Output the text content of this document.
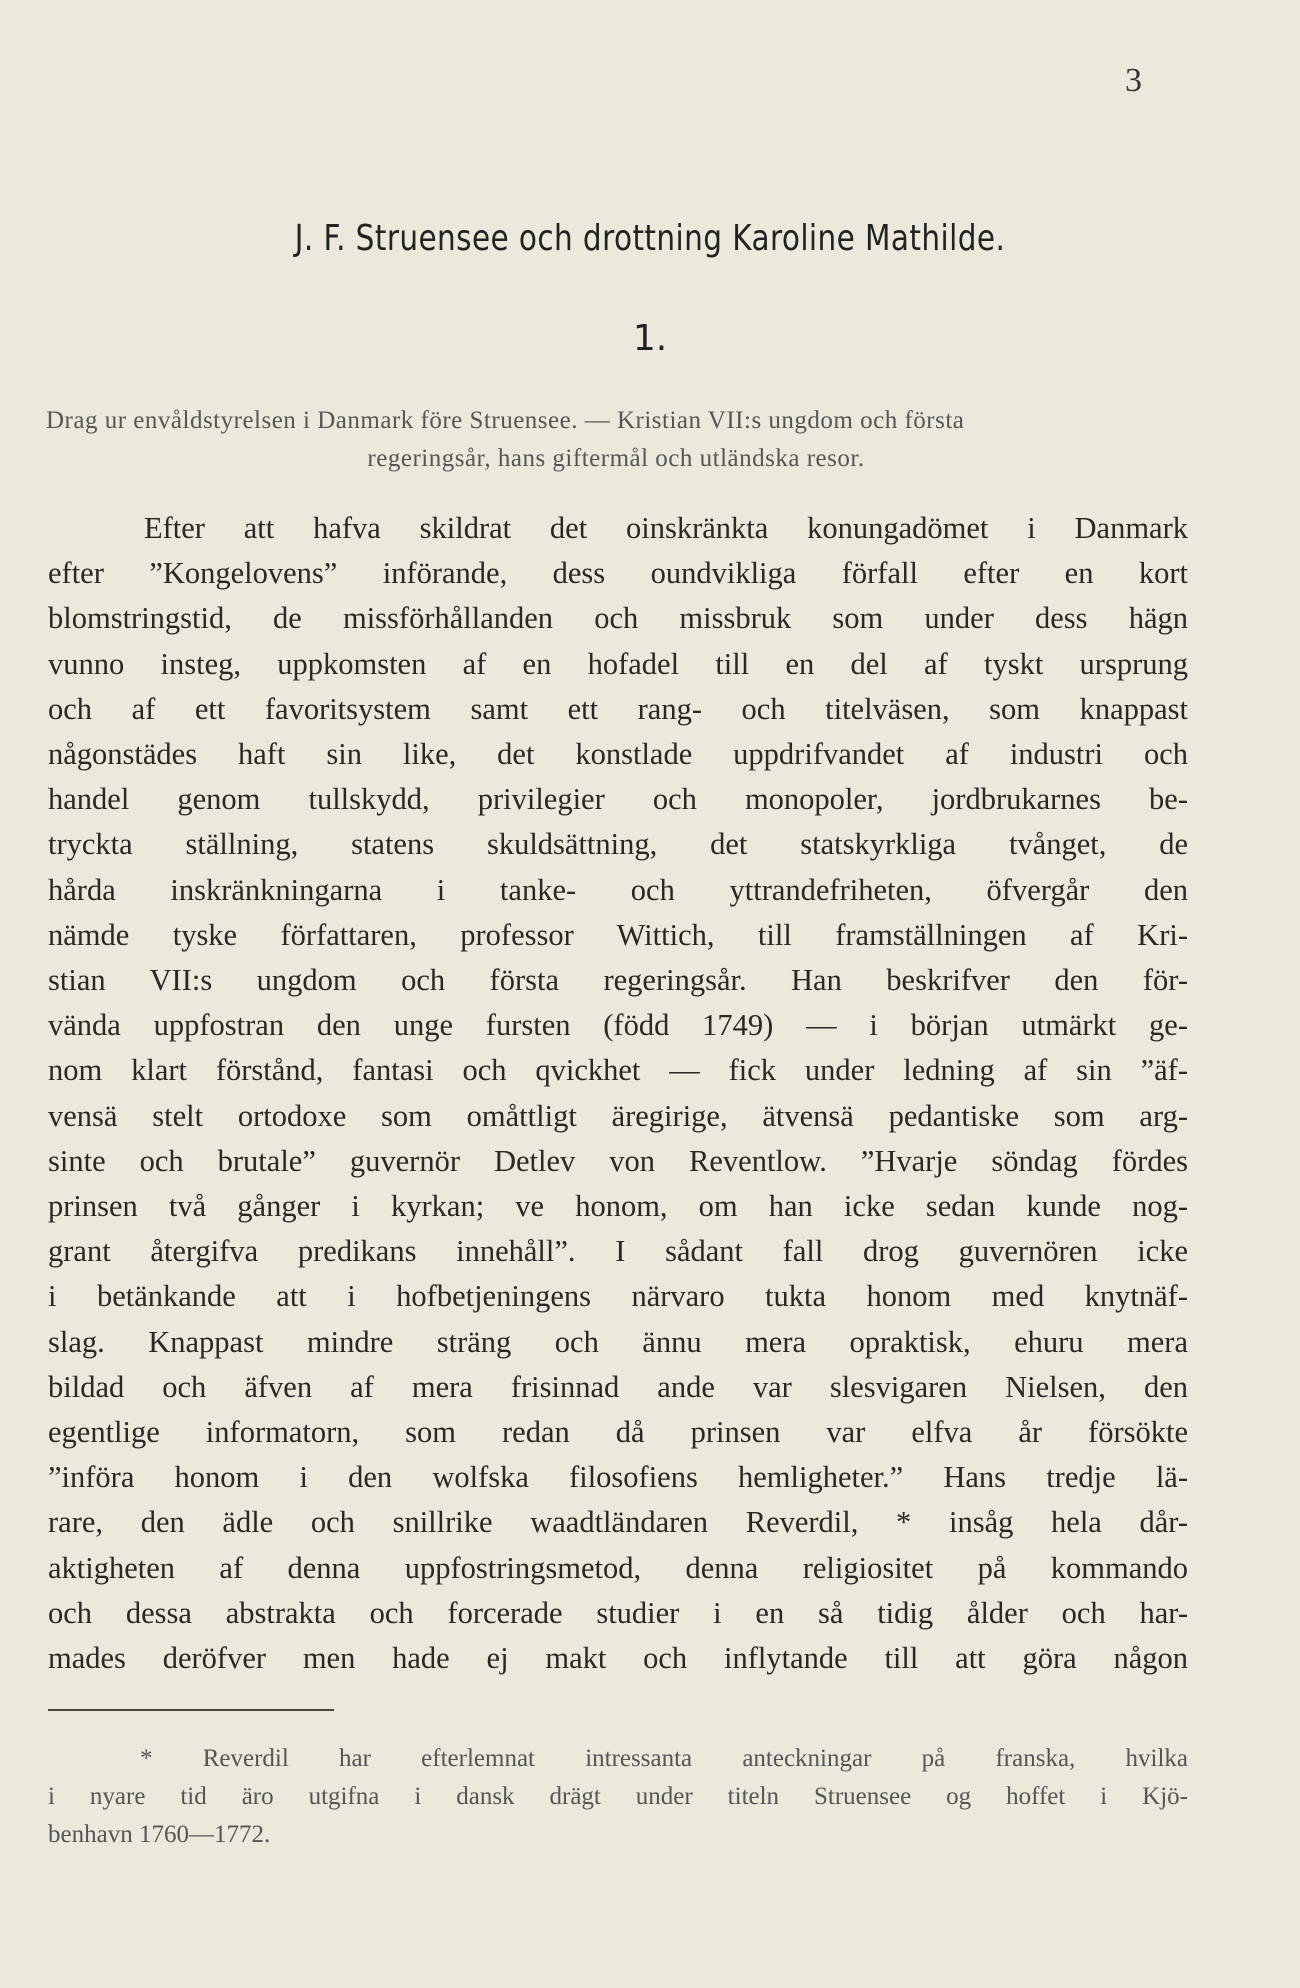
3
J. F. Struensee och drottning Karoline Mathilde.
1.
Drag ur envåldstyrelsen i Danmark före Struensee. — Kristian VII:s ungdom och första
regeringsår, hans giftermål och utländska resor.
Efter att hafva skildrat det oinskränkta konungadömet i Danmark
efter ”Kongelovens” införande, dess oundvikliga förfall efter en kort
blomstringstid, de missförhållanden och missbruk som under dess hägn
vunno insteg, uppkomsten af en hofadel till en del af tyskt ursprung
och af ett favoritsystem samt ett rang- och titelväsen, som knappast
någonstädes haft sin like, det konstlade uppdrifvandet af industri och
handel genom tullskydd, privilegier och monopoler, jordbrukarnes be-
tryckta ställning, statens skuldsättning, det statskyrkliga tvånget, de
hårda inskränkningarna i tanke- och yttrandefriheten, öfvergår den
nämde tyske författaren, professor Wittich, till framställningen af Kri-
stian VII:s ungdom och första regeringsår. Han beskrifver den för-
vända uppfostran den unge fursten (född 1749) — i början utmärkt ge-
nom klart förstånd, fantasi och qvickhet — fick under ledning af sin ”äf-
vensä stelt ortodoxe som omåttligt äregirige, ätvensä pedantiske som arg-
sinte och brutale” guvernör Detlev von Reventlow. ”Hvarje söndag fördes
prinsen två gånger i kyrkan; ve honom, om han icke sedan kunde nog-
grant återgifva predikans innehåll”. I sådant fall drog guvernören icke
i betänkande att i hofbetjeningens närvaro tukta honom med knytnäf-
slag. Knappast mindre sträng och ännu mera opraktisk, ehuru mera
bildad och äfven af mera frisinnad ande var slesvigaren Nielsen, den
egentlige informatorn, som redan då prinsen var elfva år försökte
”införa honom i den wolfska filosofiens hemligheter.” Hans tredje lä-
rare, den ädle och snillrike waadtländaren Reverdil, * insåg hela dår-
aktigheten af denna uppfostringsmetod, denna religiositet på kommando
och dessa abstrakta och forcerade studier i en så tidig ålder och har-
mades deröfver men hade ej makt och inflytande till att göra någon
* Reverdil har efterlemnat intressanta anteckningar på franska, hvilka
i nyare tid äro utgifna i dansk drägt under titeln Struensee og hoffet i Kjö-
benhavn 1760—1772.
